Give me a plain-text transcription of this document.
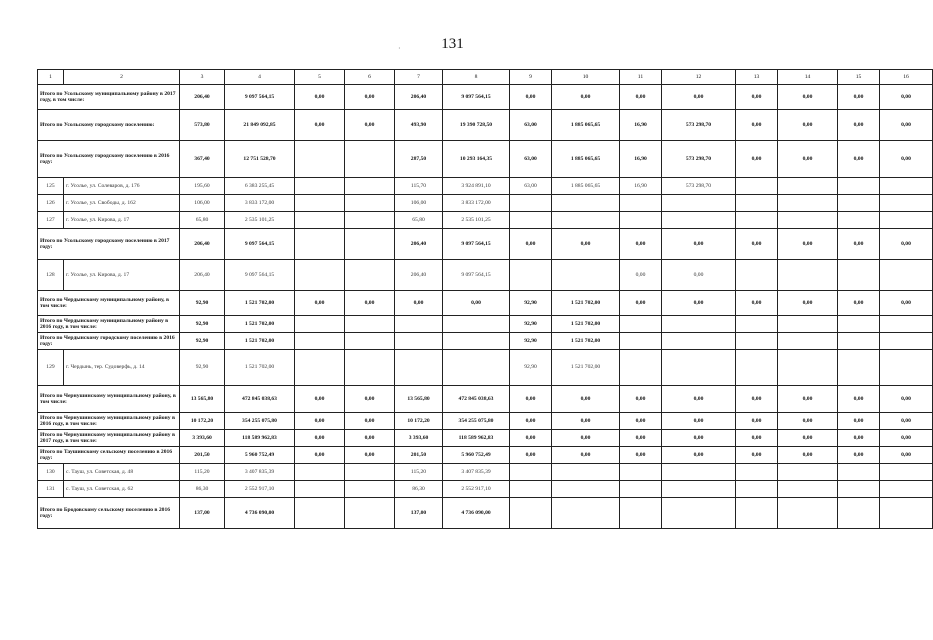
131
·
1	2	3	4	5	6	7	8	9	10	11	12	13	14	15	16
Итого по Усольскому муниципальному району в 2017 году, в том числе:		206,40	9 097 564,15	0,00	0,00	206,40	9 097 564,15	0,00	0,00	0,00	0,00	0,00	0,00	0,00	0,00
Итого по Усольскому городскому поселению:		573,80	21 849 092,85	0,00	0,00	493,90	19 390 728,50	63,00	1 885 065,65	16,90	573 298,70	0,00	0,00	0,00	0,00
Итого по Усольскому городскому поселению в 2016 году:		367,40	12 751 528,70			287,50	10 293 164,35	63,00	1 885 065,65	16,90	573 298,70	0,00	0,00	0,00	0,00
125	г. Усолье, ул. Солеваров, д. 176	195,60	6 383 255,45			115,70	3 924 891,10	63,00	1 885 065,65	16,90	573 298,70				
126	г. Усолье, ул. Свободы, д. 162	106,00	3 833 172,00			106,00	3 833 172,00								
127	г. Усолье, ул. Кирова, д. 17	65,80	2 535 101,25			65,80	2 535 101,25								
Итого по Усольскому городскому поселению в 2017 году:		206,40	9 097 564,15			206,40	9 097 564,15	0,00	0,00	0,00	0,00	0,00	0,00	0,00	0,00
128	г. Усолье, ул. Кирова, д. 17	206,40	9 097 564,15			206,40	9 097 564,15			0,00	0,00				
Итого по Чердынскому муниципальному району, в том числе:		92,90	1 521 702,00	0,00	0,00	0,00	0,00	92,90	1 521 702,00	0,00	0,00	0,00	0,00	0,00	0,00
Итого по Чердынскому муниципальному району в 2016 году, в том числе:		92,90	1 521 702,00					92,90	1 521 702,00						
Итого по Чердынскому городскому поселению в 2016 году:		92,90	1 521 702,00					92,90	1 521 702,00						
129	г. Чердынь, тер. Судоверфь, д. 14	92,90	1 521 702,00					92,90	1 521 702,00						
Итого по Чернушинскому муниципальному району, в том числе:		13 565,80	472 845 038,63	0,00	0,00	13 565,80	472 845 038,63	0,00	0,00	0,00	0,00	0,00	0,00	0,00	0,00
Итого по Чернушинскому муниципальному району в 2016 году, в том числе:		10 172,20	354 255 075,80	0,00	0,00	10 172,20	354 255 075,80	0,00	0,00	0,00	0,00	0,00	0,00	0,00	0,00
Итого по Чернушинскому муниципальному району в 2017 году, в том числе:		3 393,60	118 589 962,83	0,00	0,00	3 393,60	118 589 962,83	0,00	0,00	0,00	0,00	0,00	0,00	0,00	0,00
Итого по Таушинскому сельскому поселению в 2016 году:		201,50	5 960 752,49	0,00	0,00	201,50	5 960 752,49	0,00	0,00	0,00	0,00	0,00	0,00	0,00	0,00
130	с. Тауш, ул. Советская, д. 48	115,20	3 407 835,39			115,20	3 407 835,39								
131	с. Тауш, ул. Советская, д. 62	86,30	2 552 917,10			86,30	2 552 917,10								
Итого по Бродовскому сельскому поселению в 2016 году:		137,00	4 736 090,00			137,00	4 736 090,00								
